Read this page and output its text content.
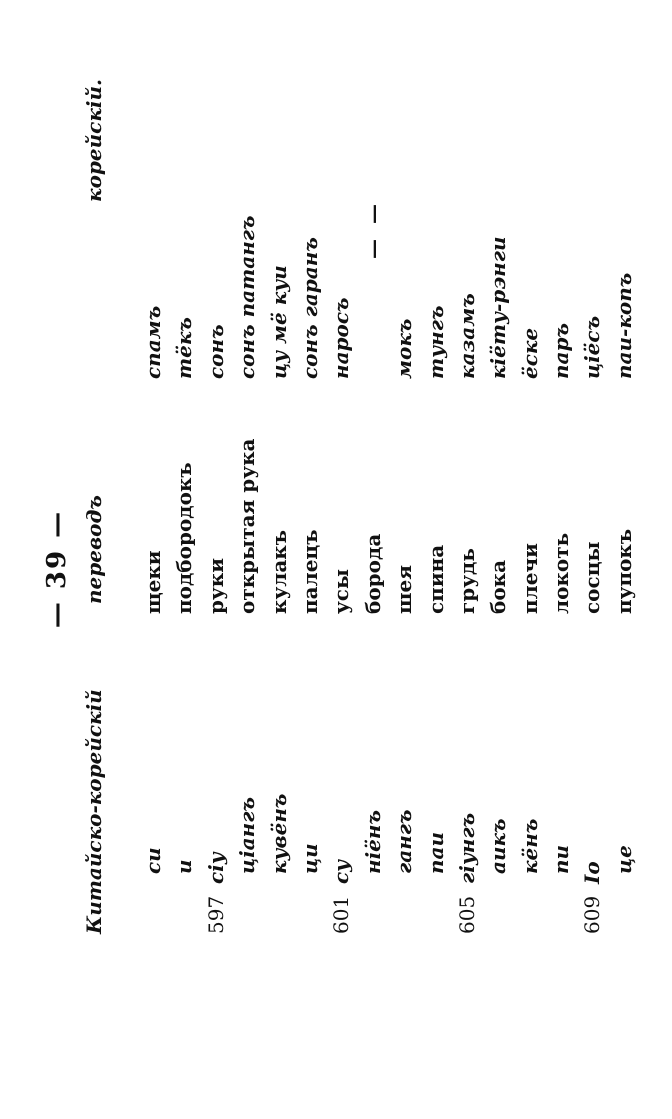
— 39 —
Китайско-корейскій си и
597сіу ціангъ кувёнъ ци
601су ніёнъ гангъ паи
605гіунгъ аикъ кёнъ пи
609Іо це
переводъ щеки подбородокъ руки открытая рука кулакъ палецъ усы борода шея спина грудь бока плечи локоть сосцы пупокъ
корейскій.
спамъ тёкъ сонъ сонъ патангъ цу мё куи сонъ гаранъ наросъ
— —
мокъ тунгъ казамъ кіёту-рэнги ёске паръ ціёсъ паи-копъ
